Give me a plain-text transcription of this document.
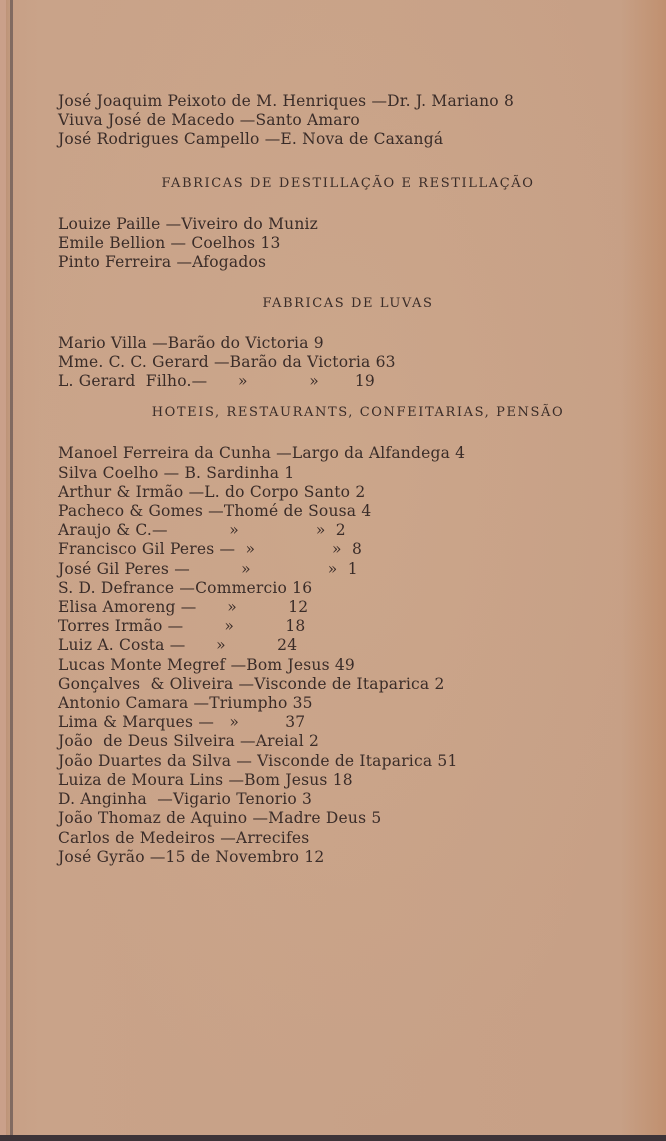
José Joaquim Peixoto de M. Henriques —Dr. J. Mariano 8
Viuva José de Macedo —Santo Amaro
José Rodrigues Campello —E. Nova de Caxangá
FABRICAS DE DESTILLAÇÃO E RESTILLAÇÃO
Louize Paille —Viveiro do Muniz
Emile Bellion — Coelhos 13
Pinto Ferreira —Afogados
FABRICAS DE LUVAS
Mario Villa —Barão do Victoria 9
Mme. C. C. Gerard —Barão da Victoria 63
L. Gerard  Filho.—      »            »       19
HOTEIS, RESTAURANTS, CONFEITARIAS, PENSÃO
Manoel Ferreira da Cunha —Largo da Alfandega 4
Silva Coelho — B. Sardinha 1
Arthur & Irmão —L. do Corpo Santo 2
Pacheco & Gomes —Thomé de Sousa 4
Araujo & C.—            »               »  2
Francisco Gil Peres —  »               »  8
José Gil Peres —          »               »  1
S. D. Defrance —Commercio 16
Elisa Amoreng —      »          12
Torres Irmão —        »          18
Luiz A. Costa —      »          24
Lucas Monte Megref —Bom Jesus 49
Gonçalves  & Oliveira —Visconde de Itaparica 2
Antonio Camara —Triumpho 35
Lima & Marques —   »         37
João  de Deus Silveira —Areial 2
João Duartes da Silva — Visconde de Itaparica 51
Luiza de Moura Lins —Bom Jesus 18
D. Anginha  —Vigario Tenorio 3
João Thomaz de Aquino —Madre Deus 5
Carlos de Medeiros —Arrecifes
José Gyrão —15 de Novembro 12
